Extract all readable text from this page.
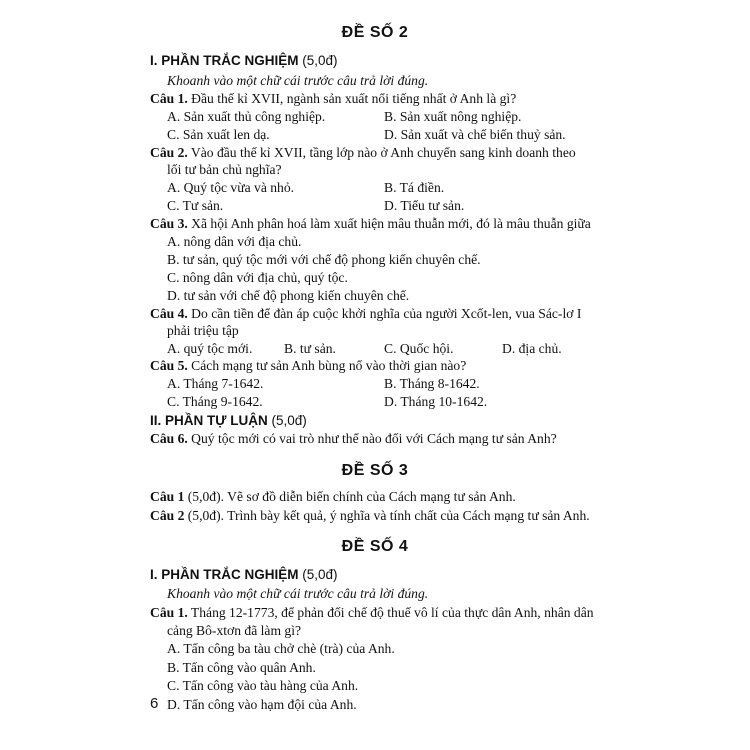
ĐỀ SỐ 2
I. PHẦN TRẮC NGHIỆM (5,0đ)
Khoanh vào một chữ cái trước câu trả lời đúng.
Câu 1. Đầu thế kỉ XVII, ngành sản xuất nổi tiếng nhất ở Anh là gì?
A. Sản xuất thủ công nghiệp.	B. Sản xuất nông nghiệp.
C. Sản xuất len dạ.	D. Sản xuất và chế biến thuỷ sản.
Câu 2. Vào đầu thế kỉ XVII, tầng lớp nào ở Anh chuyển sang kinh doanh theo
lối tư bản chủ nghĩa?
A. Quý tộc vừa và nhỏ.	B. Tá điền.
C. Tư sản.	D. Tiểu tư sản.
Câu 3. Xã hội Anh phân hoá làm xuất hiện mâu thuẫn mới, đó là mâu thuẫn giữa
A. nông dân với địa chủ.
B. tư sản, quý tộc mới với chế độ phong kiến chuyên chế.
C. nông dân với địa chủ, quý tộc.
D. tư sản với chế độ phong kiến chuyên chế.
Câu 4. Do cần tiền để đàn áp cuộc khởi nghĩa của người Xcốt-len, vua Sác-lơ I
phải triệu tập
A. quý tộc mới. B. tư sản.	C. Quốc hội.	D. địa chủ.
Câu 5. Cách mạng tư sản Anh bùng nổ vào thời gian nào?
A. Tháng 7-1642.	B. Tháng 8-1642.
C. Tháng 9-1642.	D. Tháng 10-1642.
II. PHẦN TỰ LUẬN (5,0đ)
Câu 6. Quý tộc mới có vai trò như thế nào đối với Cách mạng tư sản Anh?
ĐỀ SỐ 3
Câu 1 (5,0đ). Vẽ sơ đồ diễn biến chính của Cách mạng tư sản Anh.
Câu 2 (5,0đ). Trình bày kết quả, ý nghĩa và tính chất của Cách mạng tư sản Anh.
ĐỀ SỐ 4
I. PHẦN TRẮC NGHIỆM (5,0đ)
Khoanh vào một chữ cái trước câu trả lời đúng.
Câu 1. Tháng 12-1773, để phản đối chế độ thuế vô lí của thực dân Anh, nhân dân
cảng Bô-xtơn đã làm gì?
A. Tấn công ba tàu chở chè (trà) của Anh.
B. Tấn công vào quân Anh.
C. Tấn công vào tàu hàng của Anh.
D. Tấn công vào hạm đội của Anh.
6
